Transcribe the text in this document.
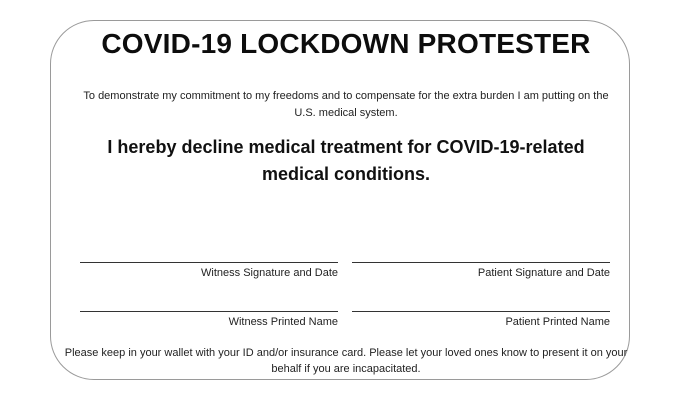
COVID-19 LOCKDOWN PROTESTER
To demonstrate my commitment to my freedoms and to compensate for the extra burden I am putting on the U.S. medical system.
I hereby decline medical treatment for COVID-19-related medical conditions.
Witness Signature and Date	Patient Signature and Date
Witness Printed Name	Patient Printed Name
Please keep in your wallet with your ID and/or insurance card. Please let your loved ones know to present it on your behalf if you are incapacitated.
